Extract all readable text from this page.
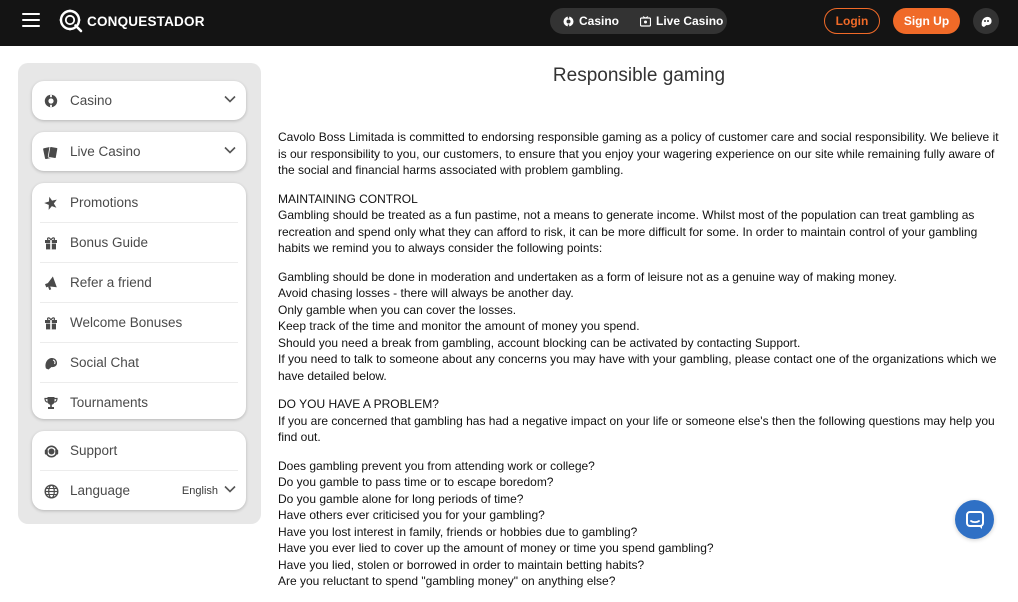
CONQUESTADOR	Casino	Live Casino	Login	Sign Up
Casino
Live Casino
Promotions
Bonus Guide
Refer a friend
Welcome Bonuses
Social Chat
Tournaments
Support
Language	English
Responsible gaming

Cavolo Boss Limitada is committed to endorsing responsible gaming as a policy of customer care and social responsibility. We believe it is our responsibility to you, our customers, to ensure that you enjoy your wagering experience on our site while remaining fully aware of the social and financial harms associated with problem gambling.

MAINTAINING CONTROL
Gambling should be treated as a fun pastime, not a means to generate income. Whilst most of the population can treat gambling as recreation and spend only what they can afford to risk, it can be more difficult for some. In order to maintain control of your gambling habits we remind you to always consider the following points:
Gambling should be done in moderation and undertaken as a form of leisure not as a genuine way of making money.
Avoid chasing losses - there will always be another day.
Only gamble when you can cover the losses.
Keep track of the time and monitor the amount of money you spend.
Should you need a break from gambling, account blocking can be activated by contacting Support.
If you need to talk to someone about any concerns you may have with your gambling, please contact one of the organizations which we have detailed below.
DO YOU HAVE A PROBLEM?
If you are concerned that gambling has had a negative impact on your life or someone else's then the following questions may help you find out.
Does gambling prevent you from attending work or college?
Do you gamble to pass time or to escape boredom?
Do you gamble alone for long periods of time?
Have others ever criticised you for your gambling?
Have you lost interest in family, friends or hobbies due to gambling?
Have you ever lied to cover up the amount of money or time you spend gambling?
Have you lied, stolen or borrowed in order to maintain betting habits?
Are you reluctant to spend "gambling money" on anything else?
